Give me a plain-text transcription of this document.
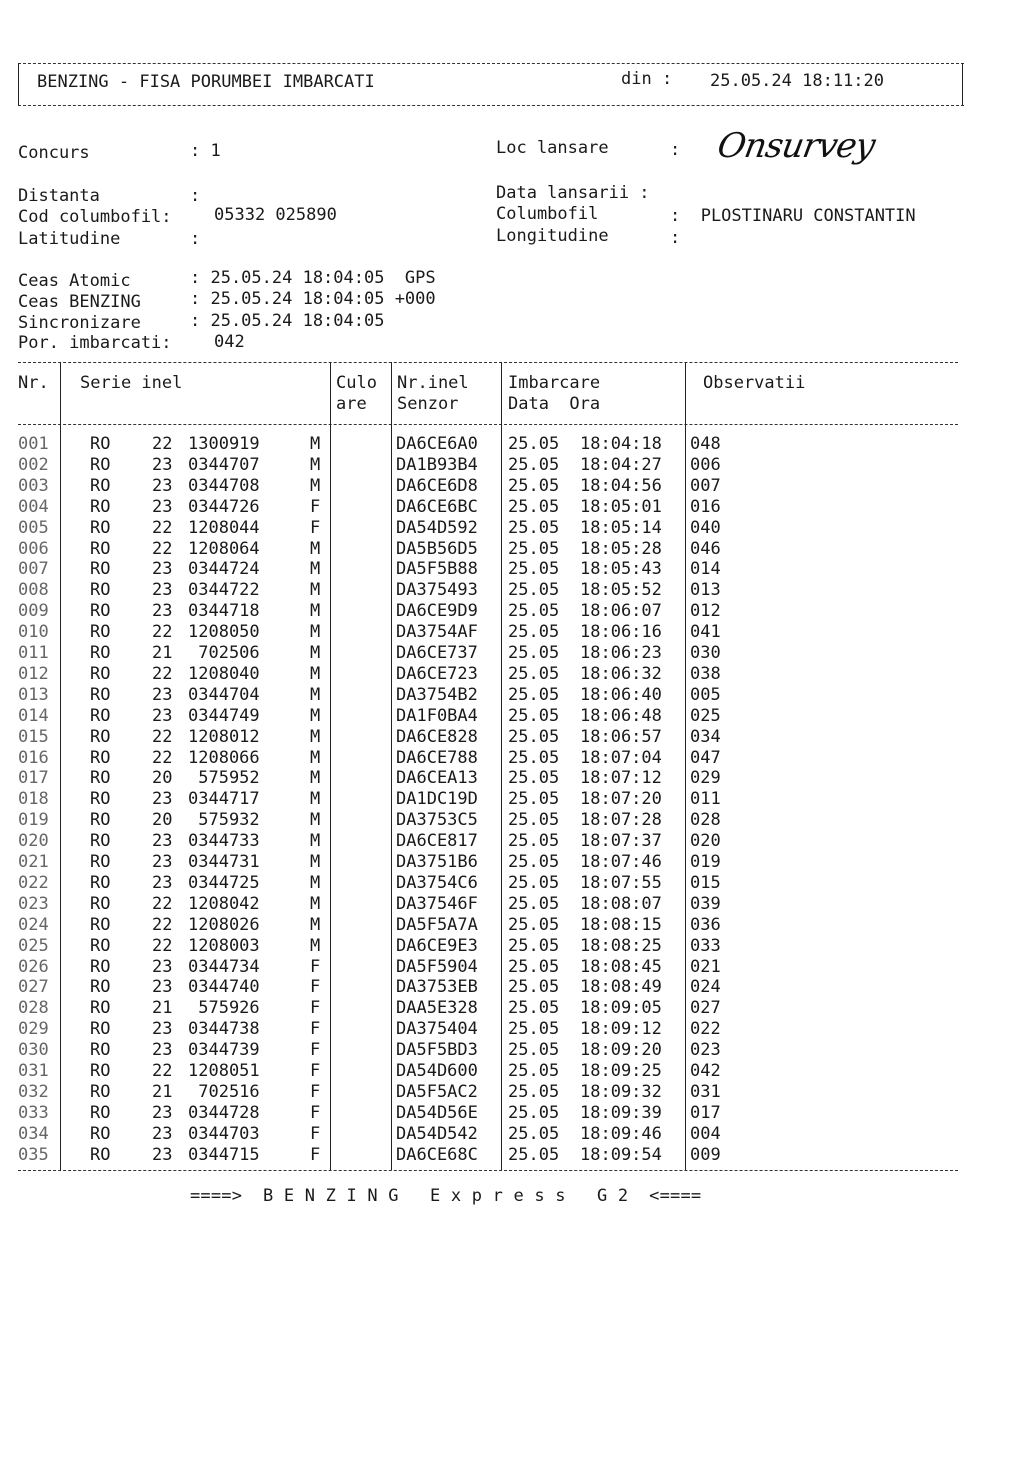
BENZING - FISA PORUMBEI IMBARCATI	din : 25.05.24 18:11:20
Concurs	: 1	Loc lansare	: Onsurvey
Distanta	:
Cod columbofil: 05332 025890
Latitudine	:
Data lansarii :
Columbofil	:  PLOSTINARU CONSTANTIN
Longitudine	:
Ceas Atomic	: 25.05.24 18:04:05  GPS
Ceas BENZING	: 25.05.24 18:04:05 +000
Sincronizare	: 25.05.24 18:04:05
Por. imbarcati: 042
Nr. Serie inel	Culo
are
Nr.inel
Senzor
Imbarcare
Data  Ora
Observatii
001 RO 22 1300919	M	DA6CE6A0 25.05 18:04:18 048
002 RO 23 0344707	M	DA1B93B4 25.05 18:04:27 006
003 RO 23 0344708	M	DA6CE6D8 25.05 18:04:56 007
004 RO 23 0344726	F	DA6CE6BC 25.05 18:05:01 016
005 RO 22 1208044	F	DA54D592 25.05 18:05:14 040
006 RO 22 1208064	M	DA5B56D5 25.05 18:05:28 046
007 RO 23 0344724	M	DA5F5B88 25.05 18:05:43 014
008 RO 23 0344722	M	DA375493 25.05 18:05:52 013
009 RO 23 0344718	M	DA6CE9D9 25.05 18:06:07 012
010 RO 22 1208050	M	DA3754AF 25.05 18:06:16 041
011 RO 21 702506	M	DA6CE737 25.05 18:06:23 030
012 RO 22 1208040	M	DA6CE723 25.05 18:06:32 038
013 RO 23 0344704	M	DA3754B2 25.05 18:06:40 005
014 RO 23 0344749	M	DA1F0BA4 25.05 18:06:48 025
015 RO 22 1208012	M	DA6CE828 25.05 18:06:57 034
016 RO 22 1208066	M	DA6CE788 25.05 18:07:04 047
017 RO 20 575952	M	DA6CEA13 25.05 18:07:12 029
018 RO 23 0344717	M	DA1DC19D 25.05 18:07:20 011
019 RO 20 575932	M	DA3753C5 25.05 18:07:28 028
020 RO 23 0344733	M	DA6CE817 25.05 18:07:37 020
021 RO 23 0344731	M	DA3751B6 25.05 18:07:46 019
022 RO 23 0344725	M	DA3754C6 25.05 18:07:55 015
023 RO 22 1208042	M	DA37546F 25.05 18:08:07 039
024 RO 22 1208026	M	DA5F5A7A 25.05 18:08:15 036
025 RO 22 1208003	M	DA6CE9E3 25.05 18:08:25 033
026 RO 23 0344734	F	DA5F5904 25.05 18:08:45 021
027 RO 23 0344740	F	DA3753EB 25.05 18:08:49 024
028 RO 21 575926	F	DAA5E328 25.05 18:09:05 027
029 RO 23 0344738	F	DA375404 25.05 18:09:12 022
030 RO 23 0344739	F	DA5F5BD3 25.05 18:09:20 023
031 RO 22 1208051	F	DA54D600 25.05 18:09:25 042
032 RO 21 702516	F	DA5F5AC2 25.05 18:09:32 031
033 RO 23 0344728	F	DA54D56E 25.05 18:09:39 017
034 RO 23 0344703	F	DA54D542 25.05 18:09:46 004
035 RO 23 0344715	F	DA6CE68C 25.05 18:09:54 009
====>  B E N Z I N G   E x p r e s s   G 2  <====
